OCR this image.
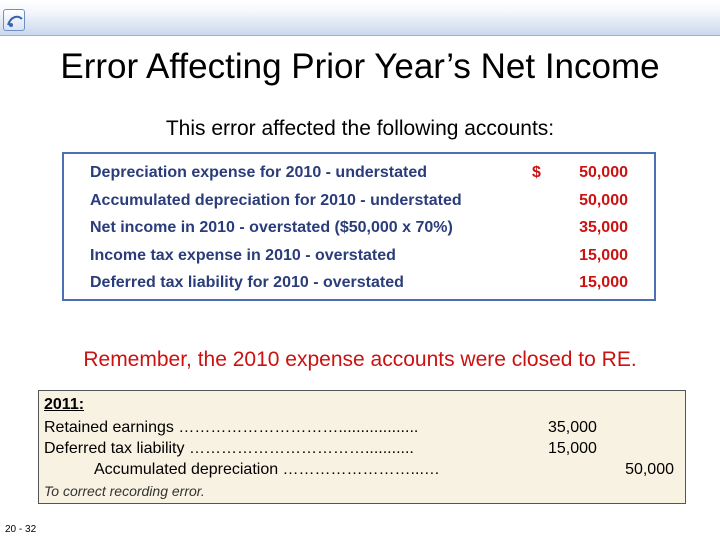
Error Affecting Prior Year’s Net Income
This error affected the following accounts:
Depreciation expense for 2010 - understated	$ 50,000
Accumulated depreciation for 2010 - understated	50,000
Net income in 2010 - overstated ($50,000 x 70%)	35,000
Income tax expense in 2010 - overstated	15,000
Deferred tax liability for 2010 - overstated	15,000
Remember, the 2010 expense accounts were closed to RE.
2011:
Retained earnings …………………………..................	35,000
Deferred tax liability ……………………………...........	15,000
Accumulated depreciation ……………………...…	50,000
To correct recording error.
20 - 32
